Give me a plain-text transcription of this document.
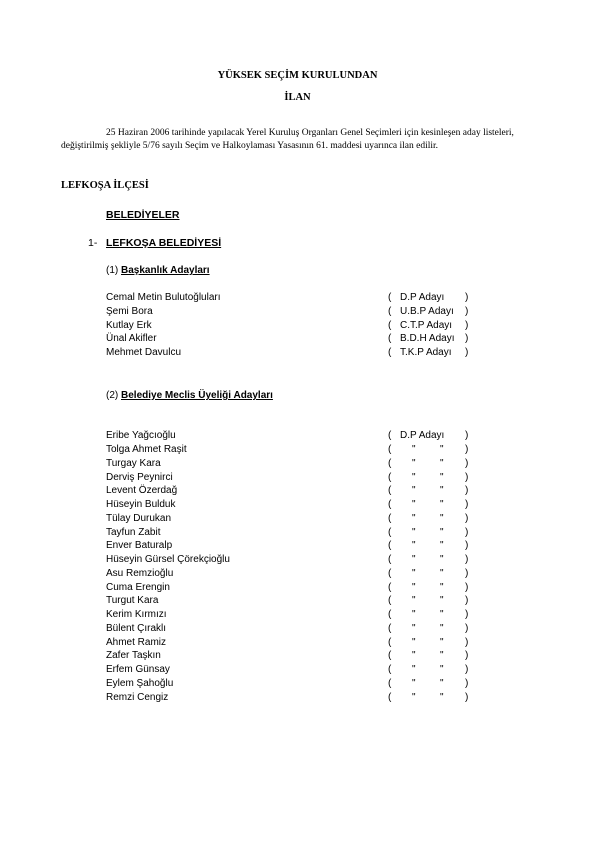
YÜKSEK SEÇİM KURULUNDAN
İLAN
25 Haziran 2006 tarihinde yapılacak Yerel Kuruluş Organları Genel Seçimleri için kesinleşen aday listeleri, değiştirilmiş şekliyle 5/76 sayılı Seçim ve Halkoylaması Yasasının 61. maddesi uyarınca ilan edilir.
LEFKOŞA İLÇESİ
BELEDİYELER
1- LEFKOŞA BELEDİYESİ
(1) Başkanlık Adayları
Cemal Metin Bulutoğluları	( D.P Adayı )
Şemi Bora	( U.B.P Adayı )
Kutlay Erk	( C.T.P Adayı )
Ünal Akifler	( B.D.H Adayı )
Mehmet Davulcu	( T.K.P Adayı )
(2) Belediye Meclis Üyeliği Adayları
Eribe Yağcıoğlu	( D.P Adayı )
Tolga Ahmet Raşit	( " " )
Turgay Kara	( " " )
Derviş Peynirci	( " " )
Levent Özerdağ	( " " )
Hüseyin Bulduk	( " " )
Tülay Durukan	( " " )
Tayfun Zabit	( " " )
Enver Baturalp	( " " )
Hüseyin Gürsel Çörekçioğlu	( " " )
Asu Remzioğlu	( " " )
Cuma Erengin	( " " )
Turgut Kara	( " " )
Kerim Kırmızı	( " " )
Bülent Çıraklı	( " " )
Ahmet Ramiz	( " " )
Zafer Taşkın	( " " )
Erfem Günsay	( " " )
Eylem Şahoğlu	( " " )
Remzi Cengiz	( " " )
